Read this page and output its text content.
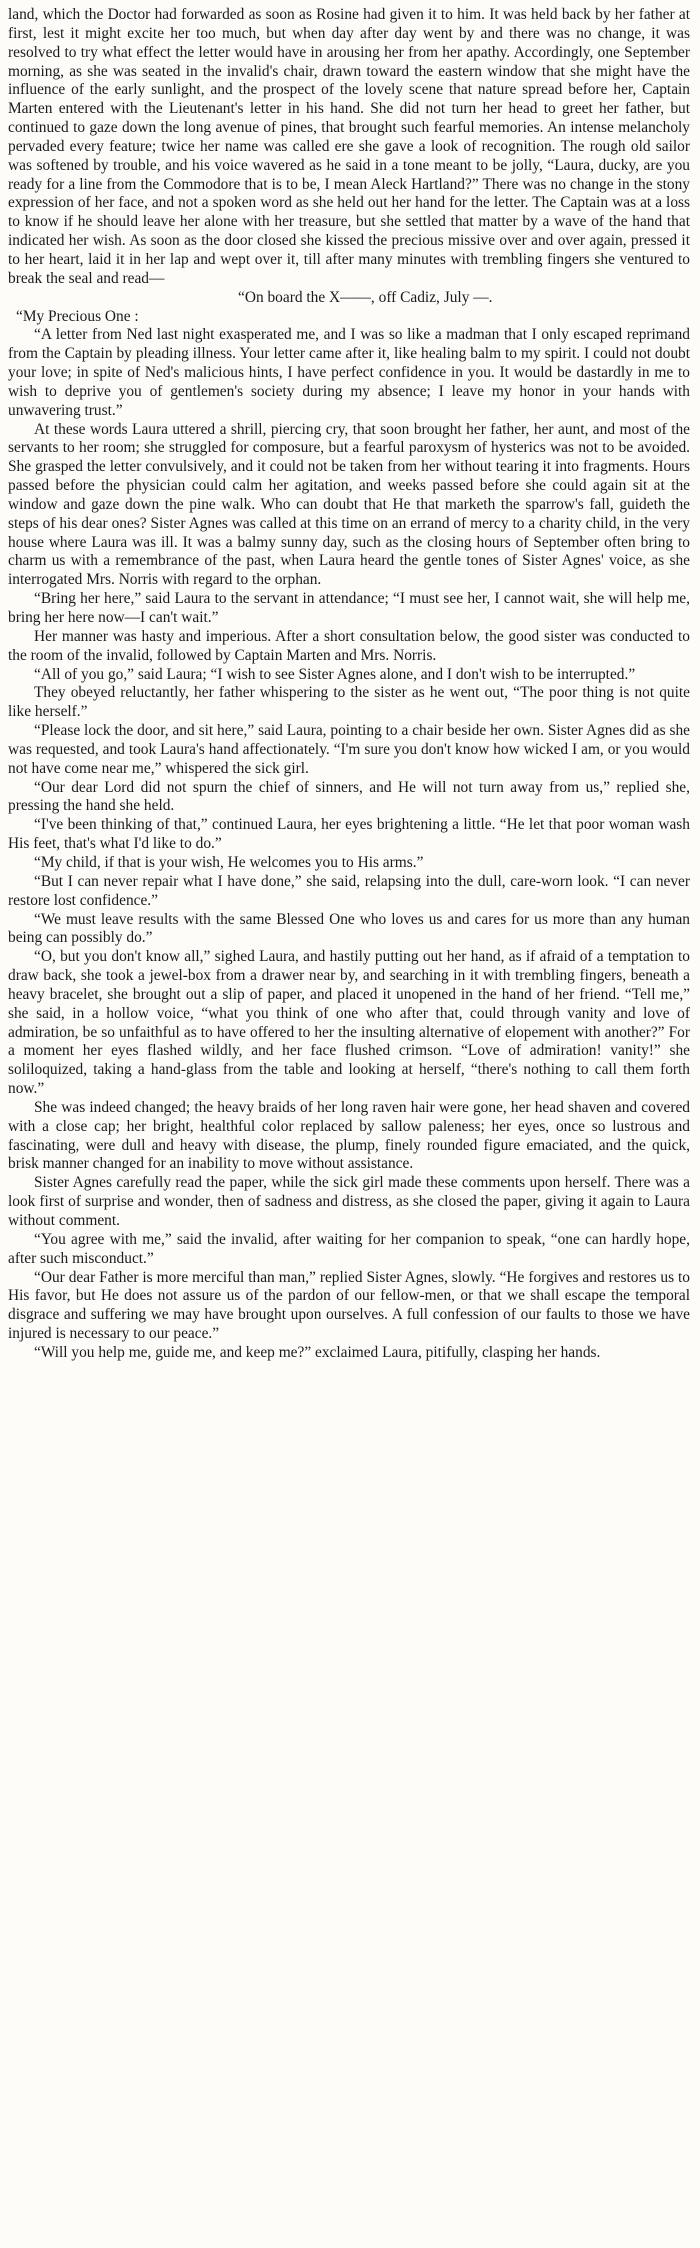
land, which the Doctor had forwarded as soon as Rosine had given it to him. It was held back by her father at first, lest it might excite her too much, but when day after day went by and there was no change, it was resolved to try what effect the letter would have in arousing her from her apathy. Accordingly, one September morning, as she was seated in the invalid's chair, drawn toward the eastern window that she might have the influence of the early sunlight, and the prospect of the lovely scene that nature spread before her, Captain Marten entered with the Lieutenant's letter in his hand. She did not turn her head to greet her father, but continued to gaze down the long avenue of pines, that brought such fearful memories. An intense melancholy pervaded every feature; twice her name was called ere she gave a look of recognition. The rough old sailor was softened by trouble, and his voice wavered as he said in a tone meant to be jolly, “Laura, ducky, are you ready for a line from the Commodore that is to be, I mean Aleck Hartland?” There was no change in the stony expression of her face, and not a spoken word as she held out her hand for the letter. The Captain was at a loss to know if he should leave her alone with her treasure, but she settled that matter by a wave of the hand that indicated her wish. As soon as the door closed she kissed the precious missive over and over again, pressed it to her heart, laid it in her lap and wept over it, till after many minutes with trembling fingers she ventured to break the seal and read—

“On board the X——, off Cadiz, July —.

“My Precious One :

“A letter from Ned last night exasperated me, and I was so like a madman that I only escaped reprimand from the Captain by pleading illness. Your letter came after it, like healing balm to my spirit. I could not doubt your love; in spite of Ned's malicious hints, I have perfect confidence in you. It would be dastardly in me to wish to deprive you of gentlemen's society during my absence; I leave my honor in your hands with unwavering trust.”

At these words Laura uttered a shrill, piercing cry, that soon brought her father, her aunt, and most of the servants to her room; she struggled for composure, but a fearful paroxysm of hysterics was not to be avoided. She grasped the letter convulsively, and it could not be taken from her without tearing it into fragments. Hours passed before the physician could calm her agitation, and weeks passed before she could again sit at the window and gaze down the pine walk. Who can doubt that He that marketh the sparrow's fall, guideth the steps of his dear ones? Sister Agnes was called at this time on an errand of mercy to a charity child, in the very house where Laura was ill. It was a balmy sunny day, such as the closing hours of September often bring to charm us with a remembrance of the past, when Laura heard the gentle tones of Sister Agnes' voice, as she interrogated Mrs. Norris with regard to the orphan.

“Bring her here,” said Laura to the servant in attendance; “I must see her, I cannot wait, she will help me, bring her here now—I can't wait.”

Her manner was hasty and imperious. After a short consultation below, the good sister was conducted to the room of the invalid, followed by Captain Marten and Mrs. Norris.

“All of you go,” said Laura; “I wish to see Sister Agnes alone, and I don't wish to be interrupted.”

They obeyed reluctantly, her father whispering to the sister as he went out, “The poor thing is not quite like herself.”

“Please lock the door, and sit here,” said Laura, pointing to a chair beside her own. Sister Agnes did as she was requested, and took Laura's hand affectionately. “I'm sure you don't know how wicked I am, or you would not have come near me,” whispered the sick girl.

“Our dear Lord did not spurn the chief of sinners, and He will not turn away from us,” replied she, pressing the hand she held.

“I've been thinking of that,” continued Laura, her eyes brightening a little. “He let that poor woman wash His feet, that's what I'd like to do.”

“My child, if that is your wish, He welcomes you to His arms.”

“But I can never repair what I have done,” she said, relapsing into the dull, care-worn look. “I can never restore lost confidence.”

“We must leave results with the same Blessed One who loves us and cares for us more than any human being can possibly do.”

“O, but you don't know all,” sighed Laura, and hastily putting out her hand, as if afraid of a temptation to draw back, she took a jewel-box from a drawer near by, and searching in it with trembling fingers, beneath a heavy bracelet, she brought out a slip of paper, and placed it unopened in the hand of her friend. “Tell me,” she said, in a hollow voice, “what you think of one who after that, could through vanity and love of admiration, be so unfaithful as to have offered to her the insulting alternative of elopement with another?” For a moment her eyes flashed wildly, and her face flushed crimson. “Love of admiration! vanity!” she soliloquized, taking a hand-glass from the table and looking at herself, “there's nothing to call them forth now.”

She was indeed changed; the heavy braids of her long raven hair were gone, her head shaven and covered with a close cap; her bright, healthful color replaced by sallow paleness; her eyes, once so lustrous and fascinating, were dull and heavy with disease, the plump, finely rounded figure emaciated, and the quick, brisk manner changed for an inability to move without assistance.

Sister Agnes carefully read the paper, while the sick girl made these comments upon herself. There was a look first of surprise and wonder, then of sadness and distress, as she closed the paper, giving it again to Laura without comment.

“You agree with me,” said the invalid, after waiting for her companion to speak, “one can hardly hope, after such misconduct.”

“Our dear Father is more merciful than man,” replied Sister Agnes, slowly. “He forgives and restores us to His favor, but He does not assure us of the pardon of our fellow-men, or that we shall escape the temporal disgrace and suffering we may have brought upon ourselves. A full confession of our faults to those we have injured is necessary to our peace.”

“Will you help me, guide me, and keep me?” exclaimed Laura, pitifully, clasping her hands.
